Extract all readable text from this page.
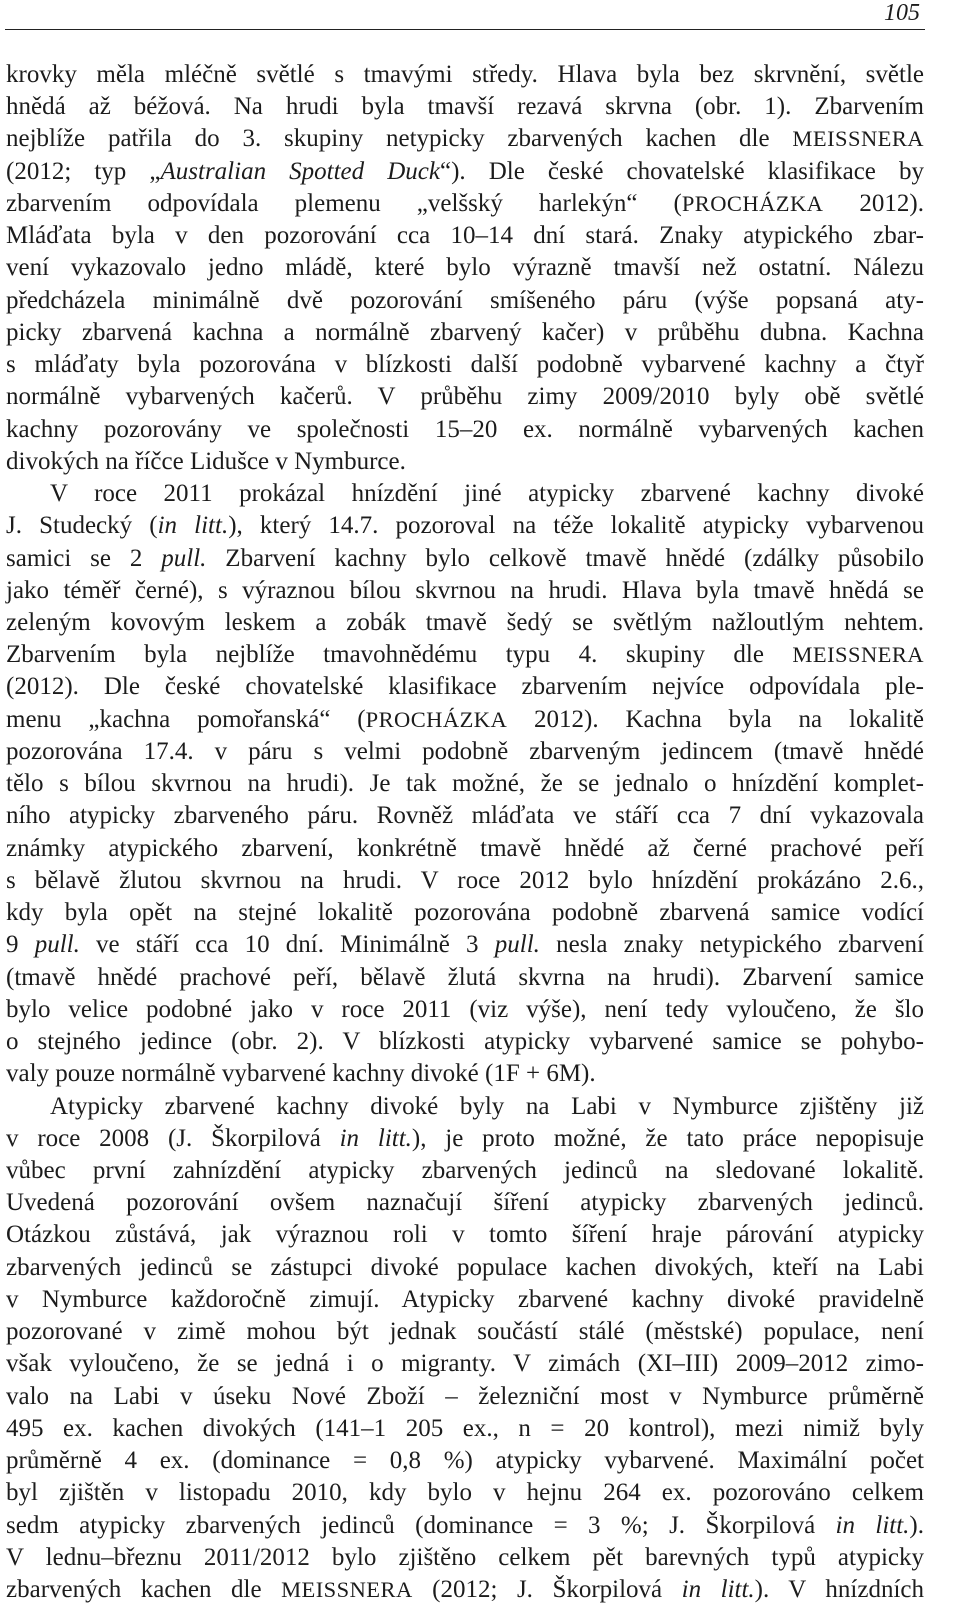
105
krovky měla mléčně světlé s tmavými středy. Hlava byla bez skrvnění, světle
hnědá až béžová. Na hrudi byla tmavší rezavá skrvna (obr. 1). Zbarvením
nejblíže patřila do 3. skupiny netypicky zbarvených kachen dle MEISSNERA
(2012; typ „Australian Spotted Duck“). Dle české chovatelské klasifikace by
zbarvením odpovídala plemenu „velšský harlekýn“ (PROCHÁZKA 2012).
Mláďata byla v den pozorování cca 10–14 dní stará. Znaky atypického zbar-
vení vykazovalo jedno mládě, které bylo výrazně tmavší než ostatní. Nálezu
předcházela minimálně dvě pozorování smíšeného páru (výše popsaná aty-
picky zbarvená kachna a normálně zbarvený kačer) v průběhu dubna. Kachna
s mláďaty byla pozorována v blízkosti další podobně vybarvené kachny a čtyř
normálně vybarvených kačerů. V průběhu zimy 2009/2010 byly obě světlé
kachny pozorovány ve společnosti 15–20 ex. normálně vybarvených kachen
divokých na říčce Lidušce v Nymburce.
V roce 2011 prokázal hnízdění jiné atypicky zbarvené kachny divoké
J. Studecký (in litt.), který 14.7. pozoroval na téže lokalitě atypicky vybarvenou
samici se 2 pull. Zbarvení kachny bylo celkově tmavě hnědé (zdálky působilo
jako téměř černé), s výraznou bílou skvrnou na hrudi. Hlava byla tmavě hnědá se
zeleným kovovým leskem a zobák tmavě šedý se světlým nažloutlým nehtem.
Zbarvením byla nejblíže tmavohnědému typu 4. skupiny dle MEISSNERA
(2012). Dle české chovatelské klasifikace zbarvením nejvíce odpovídala ple-
menu „kachna pomořanská“ (PROCHÁZKA 2012). Kachna byla na lokalitě
pozorována 17.4. v páru s velmi podobně zbarveným jedincem (tmavě hnědé
tělo s bílou skvrnou na hrudi). Je tak možné, že se jednalo o hnízdění komplet-
ního atypicky zbarveného páru. Rovněž mláďata ve stáří cca 7 dní vykazovala
známky atypického zbarvení, konkrétně tmavě hnědé až černé prachové peří
s bělavě žlutou skvrnou na hrudi. V roce 2012 bylo hnízdění prokázáno 2.6.,
kdy byla opět na stejné lokalitě pozorována podobně zbarvená samice vodící
9 pull. ve stáří cca 10 dní. Minimálně 3 pull. nesla znaky netypického zbarvení
(tmavě hnědé prachové peří, bělavě žlutá skvrna na hrudi). Zbarvení samice
bylo velice podobné jako v roce 2011 (viz výše), není tedy vyloučeno, že šlo
o stejného jedince (obr. 2). V blízkosti atypicky vybarvené samice se pohybo-
valy pouze normálně vybarvené kachny divoké (1F + 6M).
Atypicky zbarvené kachny divoké byly na Labi v Nymburce zjištěny již
v roce 2008 (J. Škorpilová in litt.), je proto možné, že tato práce nepopisuje
vůbec první zahnízdění atypicky zbarvených jedinců na sledované lokalitě.
Uvedená pozorování ovšem naznačují šíření atypicky zbarvených jedinců.
Otázkou zůstává, jak výraznou roli v tomto šíření hraje párování atypicky
zbarvených jedinců se zástupci divoké populace kachen divokých, kteří na Labi
v Nymburce každoročně zimují. Atypicky zbarvené kachny divoké pravidelně
pozorované v zimě mohou být jednak součástí stálé (městské) populace, není
však vyloučeno, že se jedná i o migranty. V zimách (XI–III) 2009–2012 zimo-
valo na Labi v úseku Nové Zboží – železniční most v Nymburce průměrně
495 ex. kachen divokých (141–1 205 ex., n = 20 kontrol), mezi nimiž byly
průměrně 4 ex. (dominance = 0,8 %) atypicky vybarvené. Maximální počet
byl zjištěn v listopadu 2010, kdy bylo v hejnu 264 ex. pozorováno celkem
sedm atypicky zbarvených jedinců (dominance = 3 %; J. Škorpilová in litt.).
V lednu–březnu 2011/2012 bylo zjištěno celkem pět barevných typů atypicky
zbarvených kachen dle MEISSNERA (2012; J. Škorpilová in litt.). V hnízdních
